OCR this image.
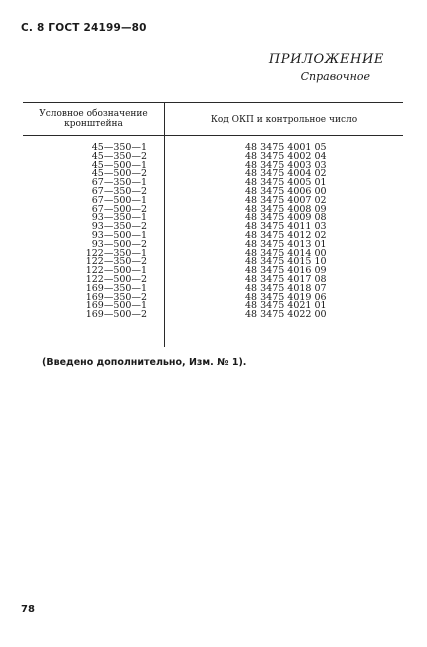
С. 8 ГОСТ 24199—80
ПРИЛОЖЕНИЕ
Справочное
Условное обозначение кронштейна	Код ОКП и контрольное число
45—350—1	48 3475 4001 05
45—350—2	48 3475 4002 04
45—500—1	48 3475 4003 03
45—500—2	48 3475 4004 02
67—350—1	48 3475 4005 01
67—350—2	48 3475 4006 00
67—500—1	48 3475 4007 02
67—500—2	48 3475 4008 09
93—350—1	48 3475 4009 08
93—350—2	48 3475 4011 03
93—500—1	48 3475 4012 02
93—500—2	48 3475 4013 01
122—350—1	48 3475 4014 00
122—350—2	48 3475 4015 10
122—500—1	48 3475 4016 09
122—500—2	48 3475 4017 08
169—350—1	48 3475 4018 07
169—350—2	48 3475 4019 06
169—500—1	48 3475 4021 01
169—500—2	48 3475 4022 00
(Введено дополнительно, Изм. № 1).
78
